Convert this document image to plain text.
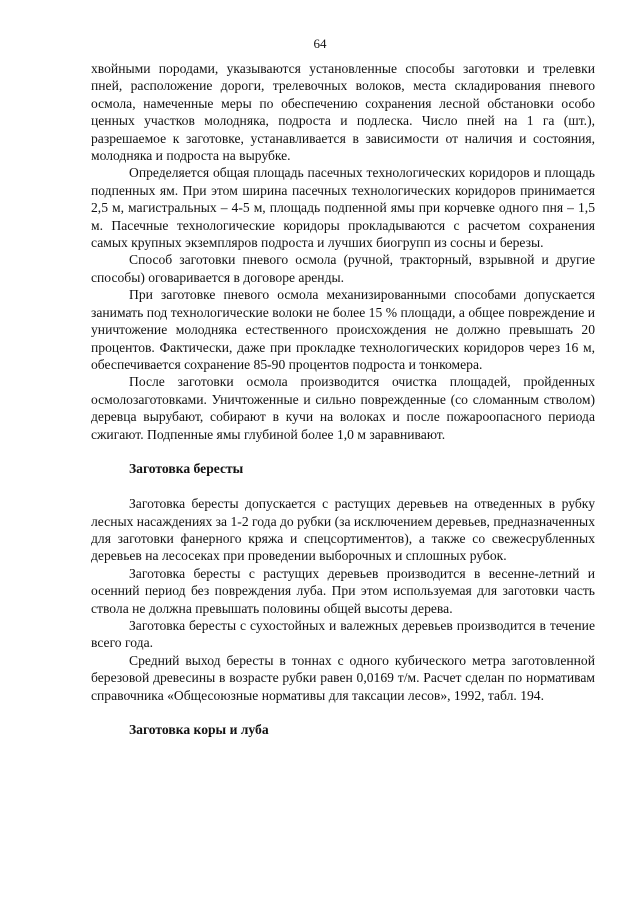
64

хвойными породами, указываются установленные способы заготовки и трелевки пней, расположение дороги, трелевочных волоков, места складирования пневого осмола, намеченные меры по обеспечению сохранения лесной обстановки особо ценных участков молодняка, подроста и подлеска. Число пней на 1 га (шт.), разрешаемое к заготовке, устанавливается в зависимости от наличия и состояния, молодняка и подроста на вырубке.

Определяется общая площадь пасечных технологических коридоров и площадь подпенных ям. При этом ширина пасечных технологических коридоров принимается 2,5 м, магистральных – 4-5 м, площадь подпенной ямы при корчевке одного пня – 1,5 м. Пасечные технологические коридоры прокладываются с расчетом сохранения самых крупных экземпляров подроста и лучших биогрупп из сосны и березы.

Способ заготовки пневого осмола (ручной, тракторный, взрывной и другие способы) оговаривается в договоре аренды.

При заготовке пневого осмола механизированными способами допускается занимать под технологические волоки не более 15 % площади, а общее повреждение и уничтожение молодняка естественного происхождения не должно превышать 20 процентов. Фактически, даже при прокладке технологических коридоров через 16 м, обеспечивается сохранение 85-90 процентов подроста и тонкомера.

После заготовки осмола производится очистка площадей, пройденных осмолозаготовками. Уничтоженные и сильно поврежденные (со сломанным стволом) деревца вырубают, собирают в кучи на волоках и после пожароопасного периода сжигают. Подпенные ямы глубиной более 1,0 м заравнивают.

Заготовка бересты

Заготовка бересты допускается с растущих деревьев на отведенных в рубку лесных насаждениях за 1-2 года до рубки (за исключением деревьев, предназначенных для заготовки фанерного кряжа и спецсортиментов), а также со свежесрубленных деревьев на лесосеках при проведении выборочных и сплошных рубок.

Заготовка бересты с растущих деревьев производится в весенне-летний и осенний период без повреждения луба. При этом используемая для заготовки часть ствола не должна превышать половины общей высоты дерева.

Заготовка бересты с сухостойных и валежных деревьев производится в течение всего года.

Средний выход бересты в тоннах с одного кубического метра заготовленной березовой древесины в возрасте рубки равен 0,0169 т/м. Расчет сделан по нормативам справочника «Общесоюзные нормативы для таксации лесов», 1992, табл. 194.

Заготовка коры и луба
